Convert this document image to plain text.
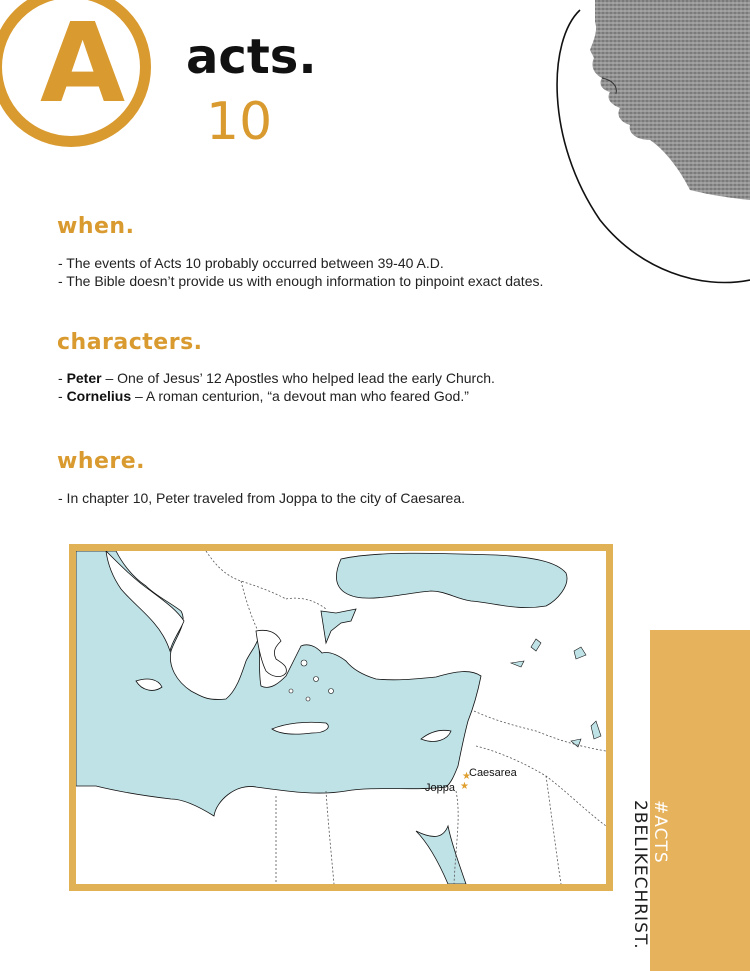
A acts.
10
when.
- The events of Acts 10 probably occurred between 39-40 A.D.
- The Bible doesn’t provide us with enough information to pinpoint exact dates.
characters.
- Peter – One of Jesus’ 12 Apostles who helped lead the early Church.
- Cornelius – A roman centurion, “a devout man who feared God.”
where.
- In chapter 10, Peter traveled from Joppa to the city of Caesarea.
★
★
Caesarea
Joppa
#ACTS
2BELIKECHRIST.
